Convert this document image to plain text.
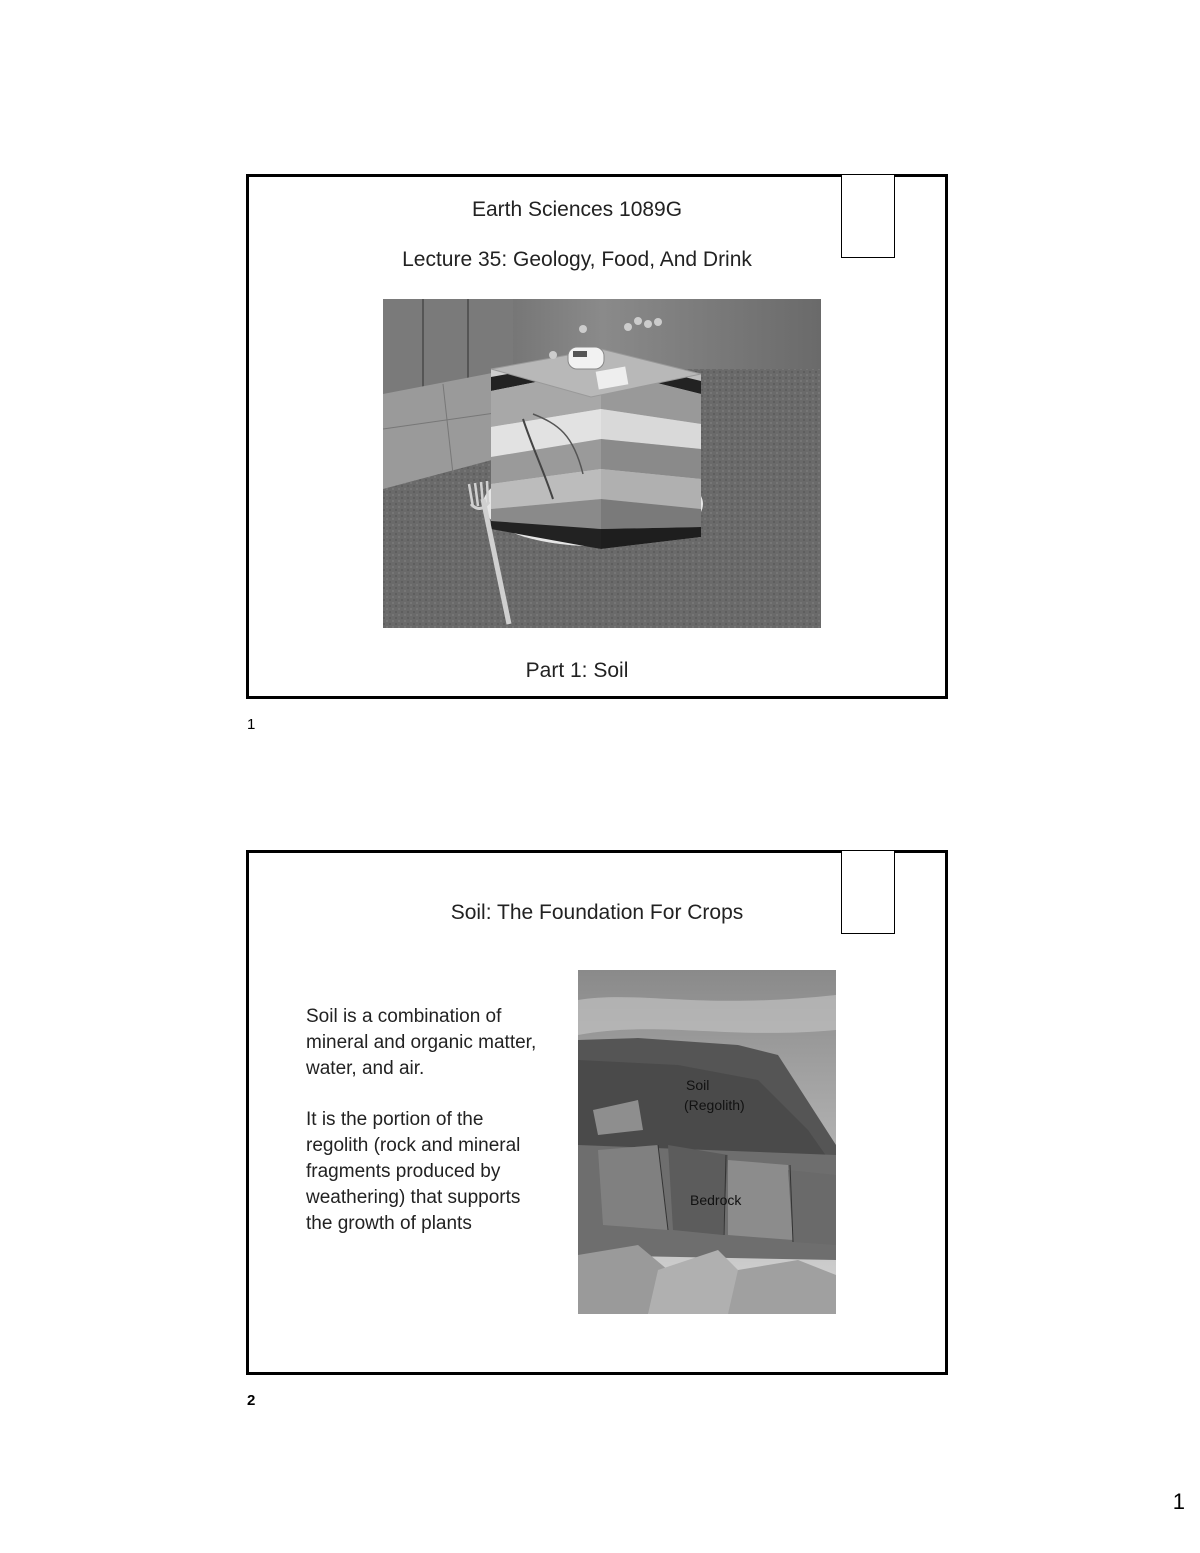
Earth Sciences 1089G
Lecture 35: Geology, Food, And Drink
Part 1: Soil
1
Soil: The Foundation For Crops
Soil is a combination of mineral and organic matter, water, and air.
It is the portion of the regolith (rock and mineral fragments produced by weathering) that supports the growth of plants
Soil
(Regolith)
Bedrock
2
1
